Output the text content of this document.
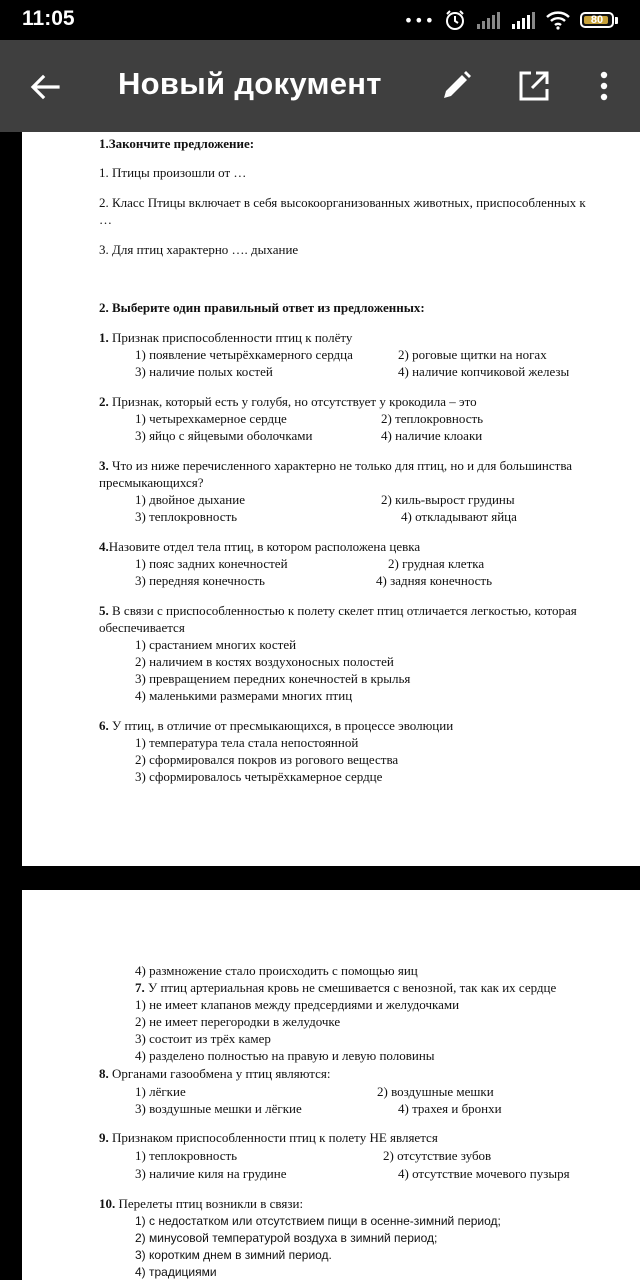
11:05	•••	80
Новый документ
1.Закончите предложение:
1. Птицы произошли от …
2. Класс Птицы включает в себя высокоорганизованных животных, приспособленных к
…
3. Для птиц характерно …. дыхание
2. Выберите один правильный ответ из предложенных:
1. Признак приспособленности птиц к полёту
1) появление четырёхкамерного сердца	2) роговые щитки на ногах
3) наличие полых костей	4) наличие копчиковой железы
2. Признак, который есть у голубя, но отсутствует у крокодила – это
1) четырехкамерное сердце	2) теплокровность
3) яйцо с яйцевыми оболочками	4) наличие клоаки
3. Что из ниже перечисленного характерно не только для птиц, но и для большинства
пресмыкающихся?
1) двойное дыхание	2) киль-вырост грудины
3) теплокровность	4) откладывают яйца
4.Назовите отдел тела птиц, в котором расположена цевка
1) пояс задних конечностей	2) грудная клетка
3) передняя конечность	4) задняя конечность
5. В связи с приспособленностью к полету скелет птиц отличается легкостью, которая
обеспечивается
1) срастанием многих костей
2) наличием в костях воздухоносных полостей
3) превращением передних конечностей в крылья
4) маленькими размерами многих птиц
6. У птиц, в отличие от пресмыкающихся, в процессе эволюции
1) температура тела стала непостоянной
2) сформировался покров из рогового вещества
3) сформировалось четырёхкамерное сердце
4) размножение стало происходить с помощью яиц
7. У птиц артериальная кровь не смешивается с венозной, так как их сердце
1) не имеет клапанов между предсердиями и желудочками
2) не имеет перегородки в желудочке
3) состоит из трёх камер
4) разделено полностью на правую и левую половины
8. Органами газообмена у птиц являются:
1) лёгкие	2) воздушные мешки
3) воздушные мешки и лёгкие	4) трахея и бронхи
9. Признаком приспособленности птиц к полету НЕ является
1) теплокровность	2) отсутствие зубов
3) наличие киля на грудине	4) отсутствие мочевого пузыря
10. Перелеты птиц возникли в связи:
1) с недостатком или отсутствием пищи в осенне-зимний период;
2) минусовой температурой воздуха в зимний период;
3) коротким днем в зимний период.
4) традициями
